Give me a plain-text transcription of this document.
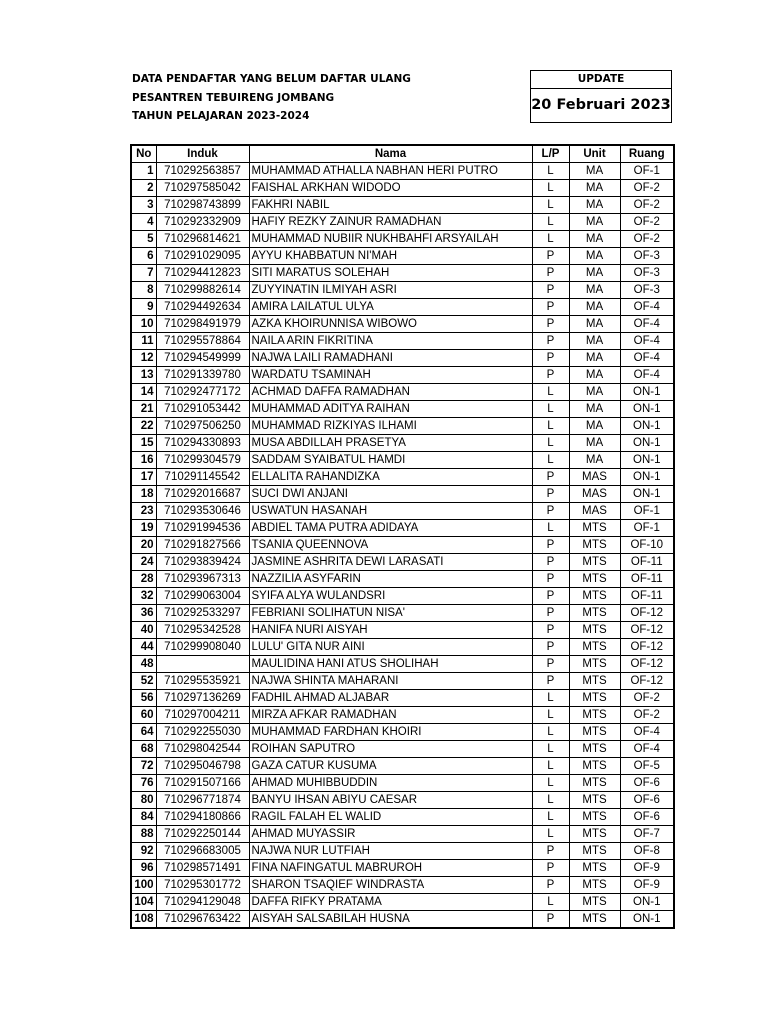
DATA PENDAFTAR YANG BELUM DAFTAR ULANG
PESANTREN TEBUIRENG JOMBANG
TAHUN PELAJARAN 2023-2024
UPDATE
20 Februari 2023
No	Induk	Nama	L/P	Unit	Ruang
1	710292563857	MUHAMMAD ATHALLA NABHAN HERI PUTRO	L	MA	OF-1
2	710297585042	FAISHAL ARKHAN WIDODO	L	MA	OF-2
3	710298743899	FAKHRI NABIL	L	MA	OF-2
4	710292332909	HAFIY REZKY ZAINUR RAMADHAN	L	MA	OF-2
5	710296814621	MUHAMMAD NUBIIR NUKHBAHFI ARSYAILAH	L	MA	OF-2
6	710291029095	AYYU KHABBATUN NI'MAH	P	MA	OF-3
7	710294412823	SITI MARATUS SOLEHAH	P	MA	OF-3
8	710299882614	ZUYYINATIN ILMIYAH ASRI	P	MA	OF-3
9	710294492634	AMIRA LAILATUL ULYA	P	MA	OF-4
10	710298491979	AZKA KHOIRUNNISA WIBOWO	P	MA	OF-4
11	710295578864	NAILA ARIN FIKRITINA	P	MA	OF-4
12	710294549999	NAJWA LAILI RAMADHANI	P	MA	OF-4
13	710291339780	WARDATU TSAMINAH	P	MA	OF-4
14	710292477172	ACHMAD DAFFA RAMADHAN	L	MA	ON-1
21	710291053442	MUHAMMAD ADITYA RAIHAN	L	MA	ON-1
22	710297506250	MUHAMMAD RIZKIYAS ILHAMI	L	MA	ON-1
15	710294330893	MUSA ABDILLAH PRASETYA	L	MA	ON-1
16	710299304579	SADDAM SYAIBATUL HAMDI	L	MA	ON-1
17	710291145542	ELLALITA RAHANDIZKA	P	MAS	ON-1
18	710292016687	SUCI DWI ANJANI	P	MAS	ON-1
23	710293530646	USWATUN HASANAH	P	MAS	OF-1
19	710291994536	ABDIEL TAMA PUTRA ADIDAYA	L	MTS	OF-1
20	710291827566	TSANIA QUEENNOVA	P	MTS	OF-10
24	710293839424	JASMINE ASHRITA DEWI LARASATI	P	MTS	OF-11
28	710293967313	NAZZILIA ASYFARIN	P	MTS	OF-11
32	710299063004	SYIFA ALYA WULANDSRI	P	MTS	OF-11
36	710292533297	FEBRIANI SOLIHATUN NISA'	P	MTS	OF-12
40	710295342528	HANIFA NURI AISYAH	P	MTS	OF-12
44	710299908040	LULU' GITA NUR AINI	P	MTS	OF-12
48		MAULIDINA HANI ATUS SHOLIHAH	P	MTS	OF-12
52	710295535921	NAJWA SHINTA MAHARANI	P	MTS	OF-12
56	710297136269	FADHIL AHMAD ALJABAR	L	MTS	OF-2
60	710297004211	MIRZA AFKAR RAMADHAN	L	MTS	OF-2
64	710292255030	MUHAMMAD FARDHAN KHOIRI	L	MTS	OF-4
68	710298042544	ROIHAN SAPUTRO	L	MTS	OF-4
72	710295046798	GAZA CATUR KUSUMA	L	MTS	OF-5
76	710291507166	AHMAD MUHIBBUDDIN	L	MTS	OF-6
80	710296771874	BANYU IHSAN ABIYU CAESAR	L	MTS	OF-6
84	710294180866	RAGIL FALAH EL WALID	L	MTS	OF-6
88	710292250144	AHMAD MUYASSIR	L	MTS	OF-7
92	710296683005	NAJWA NUR LUTFIAH	P	MTS	OF-8
96	710298571491	FINA NAFINGATUL MABRUROH	P	MTS	OF-9
100	710295301772	SHARON TSAQIEF WINDRASTA	P	MTS	OF-9
104	710294129048	DAFFA RIFKY PRATAMA	L	MTS	ON-1
108	710296763422	AISYAH SALSABILAH HUSNA	P	MTS	ON-1
